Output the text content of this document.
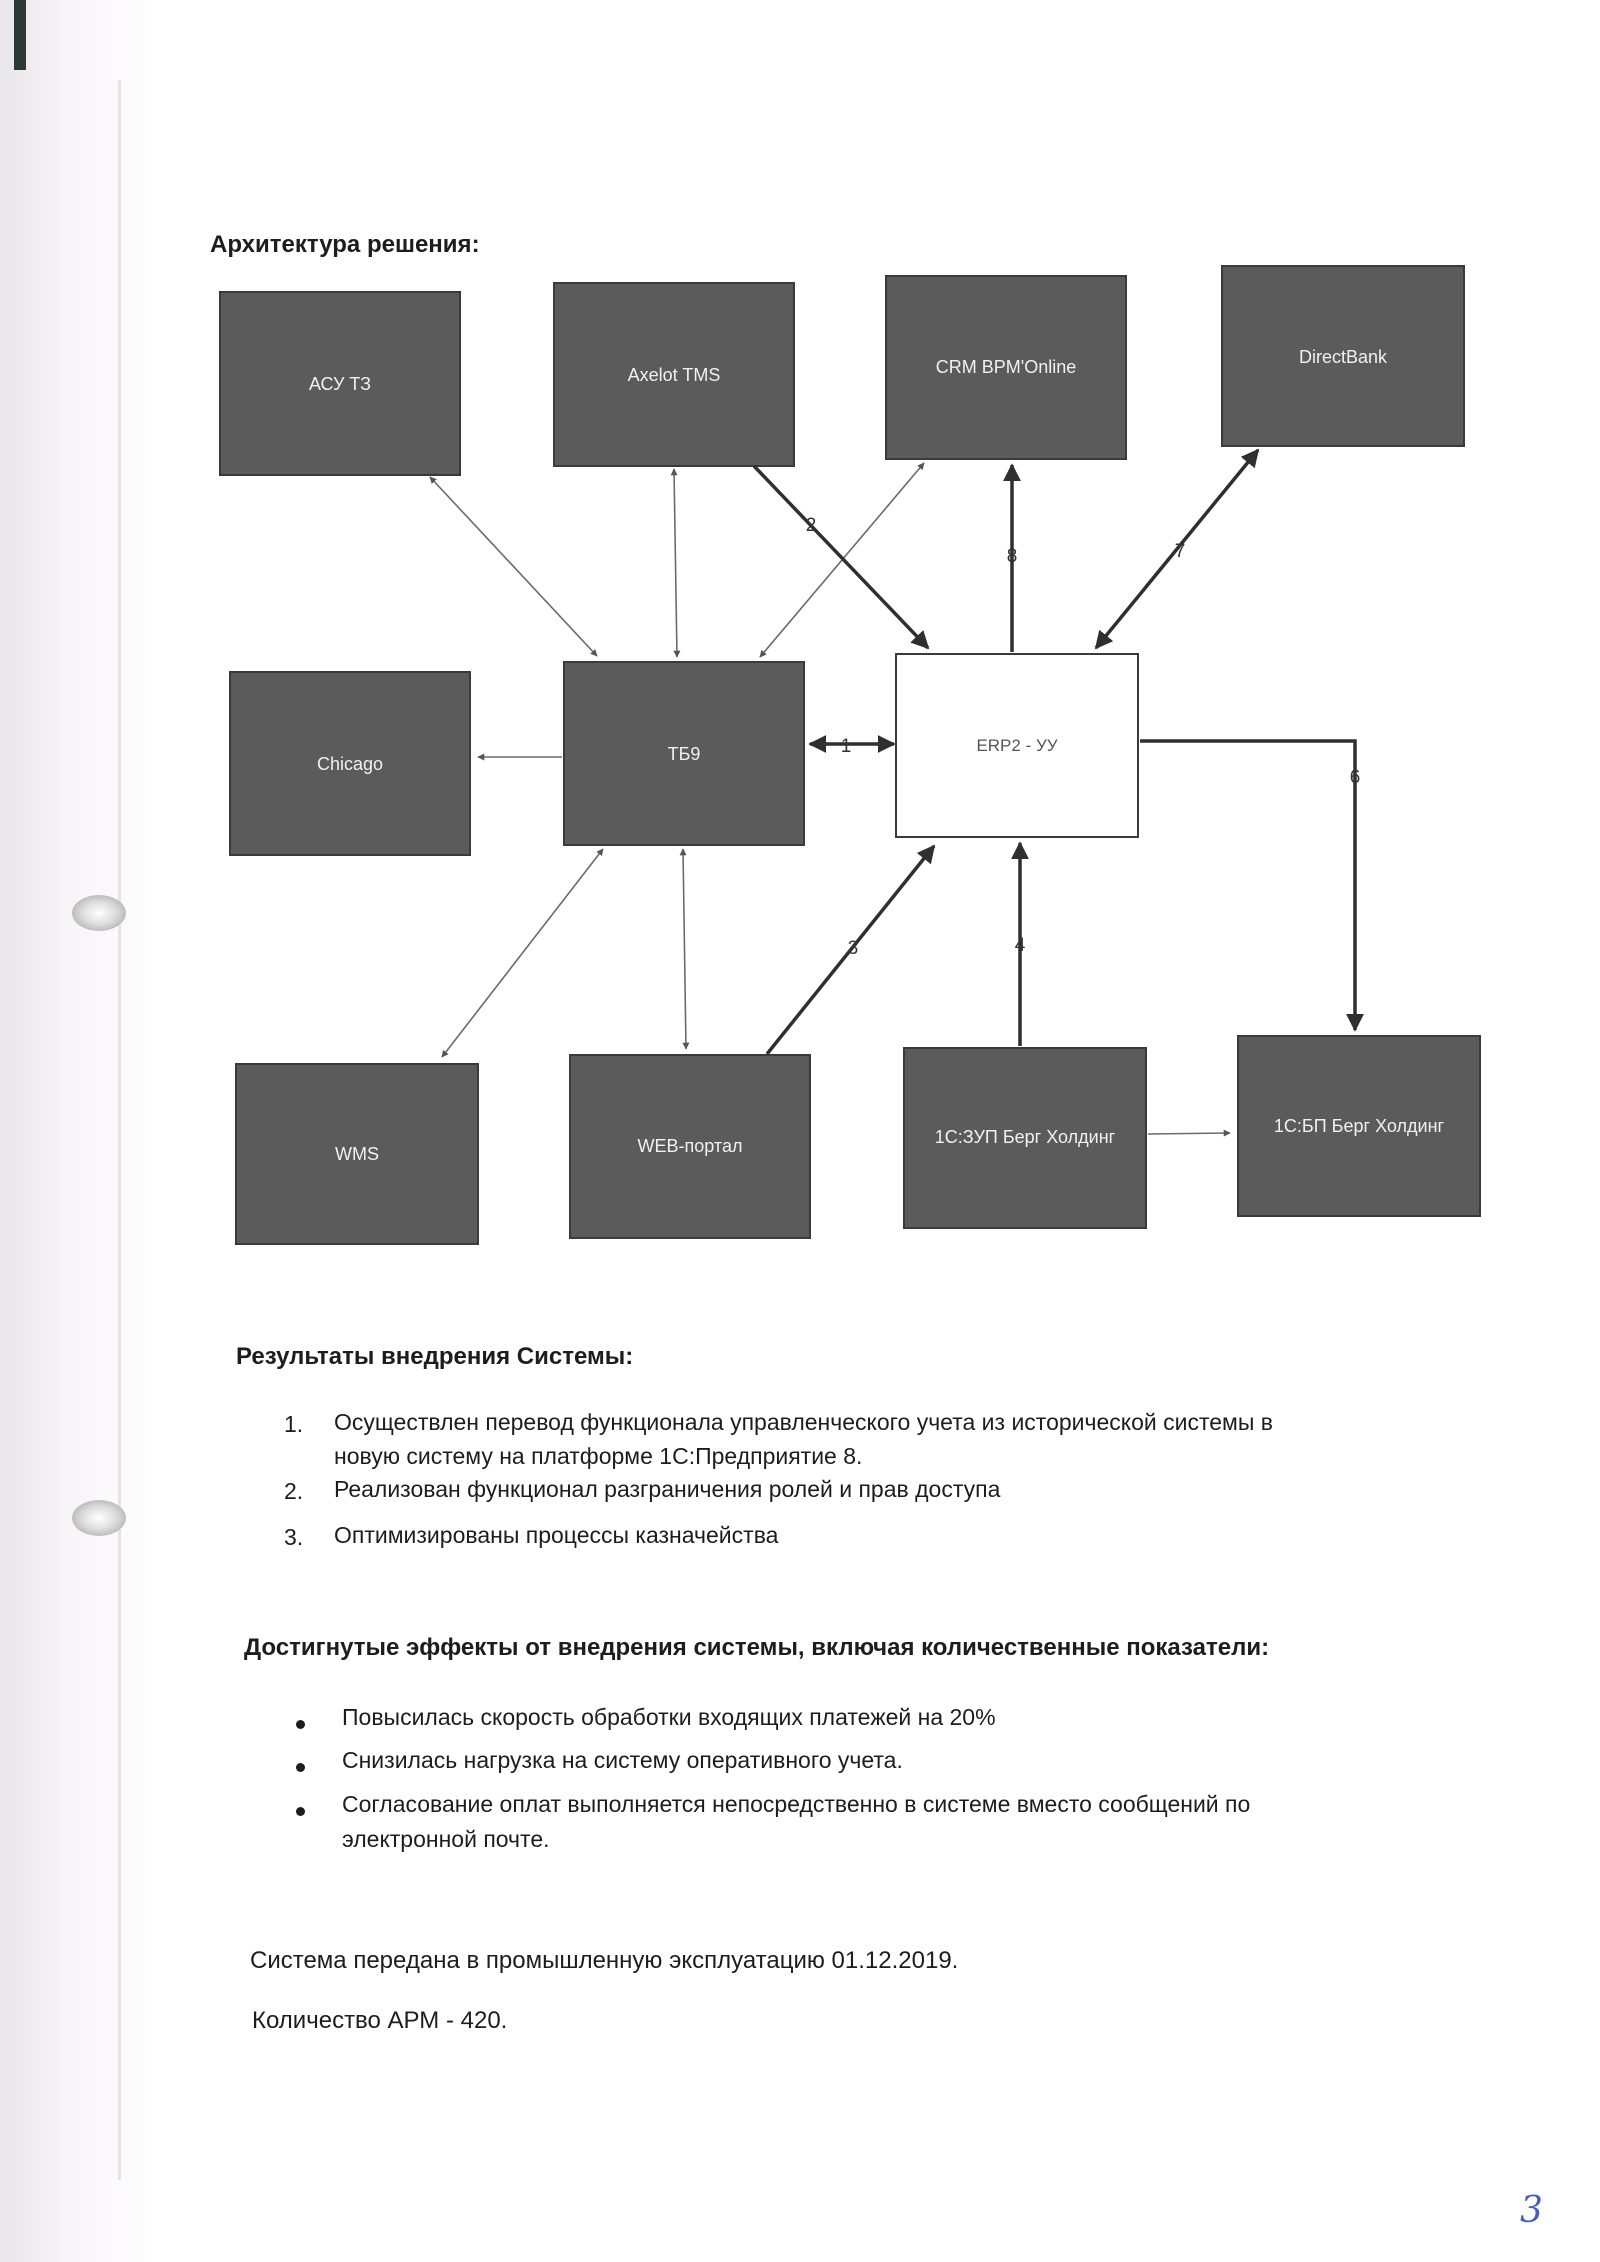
Архитектура решения:
АСУ ТЗ	Axelot TMS	CRM BPM'Online	DirectBank
Chicago	ТБ9	ERP2 - УУ
WMS	WEB-портал	1С:ЗУП Берг Холдинг
1С:БП Берг Холдинг
1
2
3	4
6
7
8
Результаты внедрения Системы:
1. Осуществлен перевод функционала управленческого учета из исторической системы в
новую систему на платформе 1С:Предприятие 8.
2. Реализован функционал разграничения ролей и прав доступа
3. Оптимизированы процессы казначейства
Достигнутые эффекты от внедрения системы, включая количественные показатели:
Повысилась скорость обработки входящих платежей на 20%
Снизилась нагрузка на систему оперативного учета.
Согласование оплат выполняется непосредственно в системе вместо сообщений по
электронной почте.
Система передана в промышленную эксплуатацию 01.12.2019.
Количество АРМ - 420.
3
